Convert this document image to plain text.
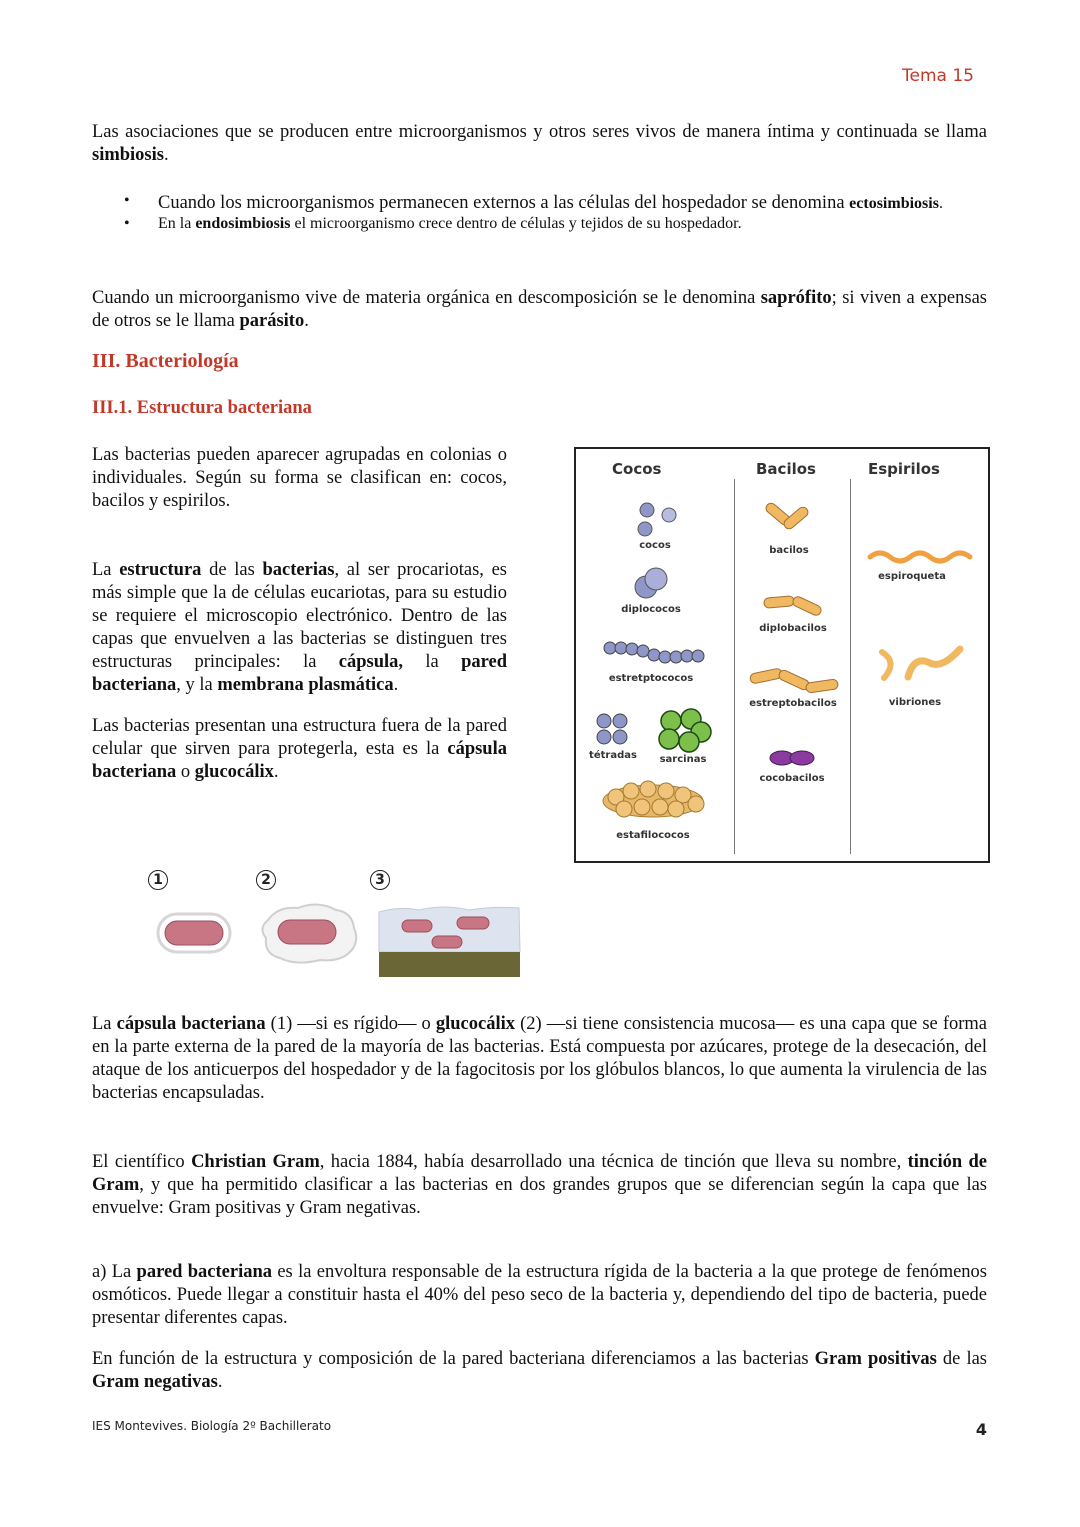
Tema 15

Las asociaciones que se producen entre microorganismos y otros seres vivos de manera íntima y continuada se llama simbiosis.

• Cuando los microorganismos permanecen externos a las células del hospedador se denomina ectosimbiosis.
• En la endosimbiosis el microorganismo crece dentro de células y tejidos de su hospedador.

Cuando un microorganismo vive de materia orgánica en descomposición se le denomina saprófito; si viven a expensas de otros se le llama parásito.

III. Bacteriología
III.1. Estructura bacteriana

Las bacterias pueden aparecer agrupadas en colonias o individuales. Según su forma se clasifican en: cocos, bacilos y espirilos.

La estructura de las bacterias, al ser procariotas, es más simple que la de células eucariotas, para su estudio se requiere el microscopio electrónico. Dentro de las capas que envuelven a las bacterias se distinguen tres estructuras principales: la cápsula, la pared bacteriana, y la membrana plasmática.

Las bacterias presentan una estructura fuera de la pared celular que sirven para protegerla, esta es la cápsula bacteriana o glucocálix.

Cocos	Bacilos	Espirilos
cocos
diplococos
estretptococos
tétradas	sarcinas
estafilococos
bacilos
diplobacilos
estreptobacilos
cocobacilos
espiroqueta
vibriones
1	2	3

La cápsula bacteriana (1) —si es rígido— o glucocálix (2) —si tiene consistencia mucosa— es una capa que se forma en la parte externa de la pared de la mayoría de las bacterias. Está compuesta por azúcares, protege de la desecación, del ataque de los anticuerpos del hospedador y de la fagocitosis por los glóbulos blancos, lo que aumenta la virulencia de las bacterias encapsuladas.

El científico Christian Gram, hacia 1884, había desarrollado una técnica de tinción que lleva su nombre, tinción de Gram, y que ha permitido clasificar a las bacterias en dos grandes grupos que se diferencian según la capa que las envuelve: Gram positivas y Gram negativas.

a) La pared bacteriana es la envoltura responsable de la estructura rígida de la bacteria a la que protege de fenómenos osmóticos. Puede llegar a constituir hasta el 40% del peso seco de la bacteria y, dependiendo del tipo de bacteria, puede presentar diferentes capas.

En función de la estructura y composición de la pared bacteriana diferenciamos a las bacterias Gram positivas de las Gram negativas.

IES Montevives. Biología 2º Bachillerato	4
